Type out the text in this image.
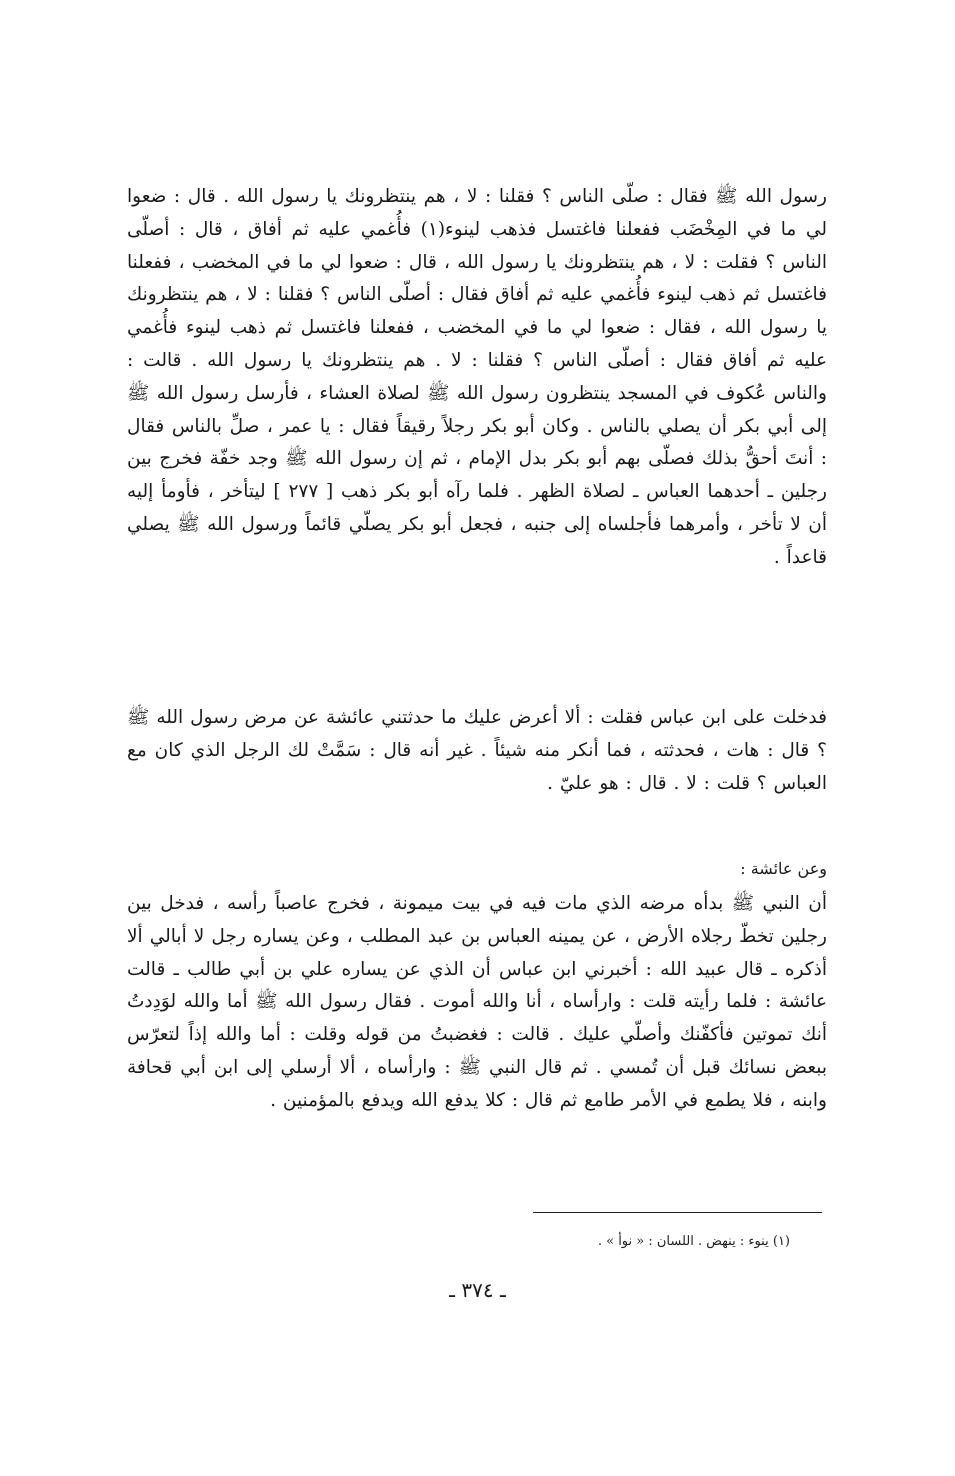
رسول الله ﷺ فقال : صلّى الناس ؟ فقلنا : لا ، هم ينتظرونك يا رسول الله . قال : ضعوا لي ما في المِخْضَب ففعلنا فاغتسل فذهب لينوء(١) فأُغمي عليه ثم أفاق ، قال : أصلّى الناس ؟ فقلت : لا ، هم ينتظرونك يا رسول الله ، قال : ضعوا لي ما في المخضب ، ففعلنا فاغتسل ثم ذهب لينوء فأُغمي عليه ثم أفاق فقال : أصلّى الناس ؟ فقلنا : لا ، هم ينتظرونك يا رسول الله ، فقال : ضعوا لي ما في المخضب ، ففعلنا فاغتسل ثم ذهب لينوء فأُغمي عليه ثم أفاق فقال : أصلّى الناس ؟ فقلنا : لا . هم ينتظرونك يا رسول الله . قالت : والناس عُكوف في المسجد ينتظرون رسول الله ﷺ لصلاة العشاء ، فأرسل رسول الله ﷺ إلى أبي بكر أن يصلي بالناس . وكان أبو بكر رجلاً رقيقاً فقال : يا عمر ، صلِّ بالناس فقال : أنتَ أحقُّ بذلك فصلّى بهم أبو بكر بدل الإمام ، ثم إن رسول الله ﷺ وجد خفّة فخرج بين رجلين ـ أحدهما العباس ـ لصلاة الظهر . فلما رآه أبو بكر ذهب [ ٢٧٧ ] ليتأخر ، فأومأ إليه أن لا تأخر ، وأمرهما فأجلساه إلى جنبه ، فجعل أبو بكر يصلّي قائماً ورسول الله ﷺ يصلي قاعداً .

فدخلت على ابن عباس فقلت : ألا أعرض عليك ما حدثتني عائشة عن مرض رسول الله ﷺ ؟ قال : هات ، فحدثته ، فما أنكر منه شيئاً . غير أنه قال : سَمَّتْ لك الرجل الذي كان مع العباس ؟ قلت : لا . قال : هو عليّ .

وعن عائشة :

أن النبي ﷺ بدأه مرضه الذي مات فيه في بيت ميمونة ، فخرج عاصباً رأسه ، فدخل بين رجلين تخطّ رجلاه الأرض ، عن يمينه العباس بن عبد المطلب ، وعن يساره رجل لا أبالي ألا أذكره ـ قال عبيد الله : أخبرني ابن عباس أن الذي عن يساره علي بن أبي طالب ـ قالت عائشة : فلما رأيته قلت : وارأساه ، أنا والله أموت . فقال رسول الله ﷺ أما والله لوَدِدتُ أنك تموتين فأكفّنك وأصلّي عليك . قالت : فغضبتُ من قوله وقلت : أما والله إذاً لتعرّس ببعض نسائك قبل أن تُمسي . ثم قال النبي ﷺ : وارأساه ، ألا أرسلي إلى ابن أبي قحافة وابنه ، فلا يطمع في الأمر طامع ثم قال : كلا يدفع الله ويدفع بالمؤمنين .

(١) ينوء : ينهض . اللسان : « نوأ » .

ـ ٣٧٤ ـ
